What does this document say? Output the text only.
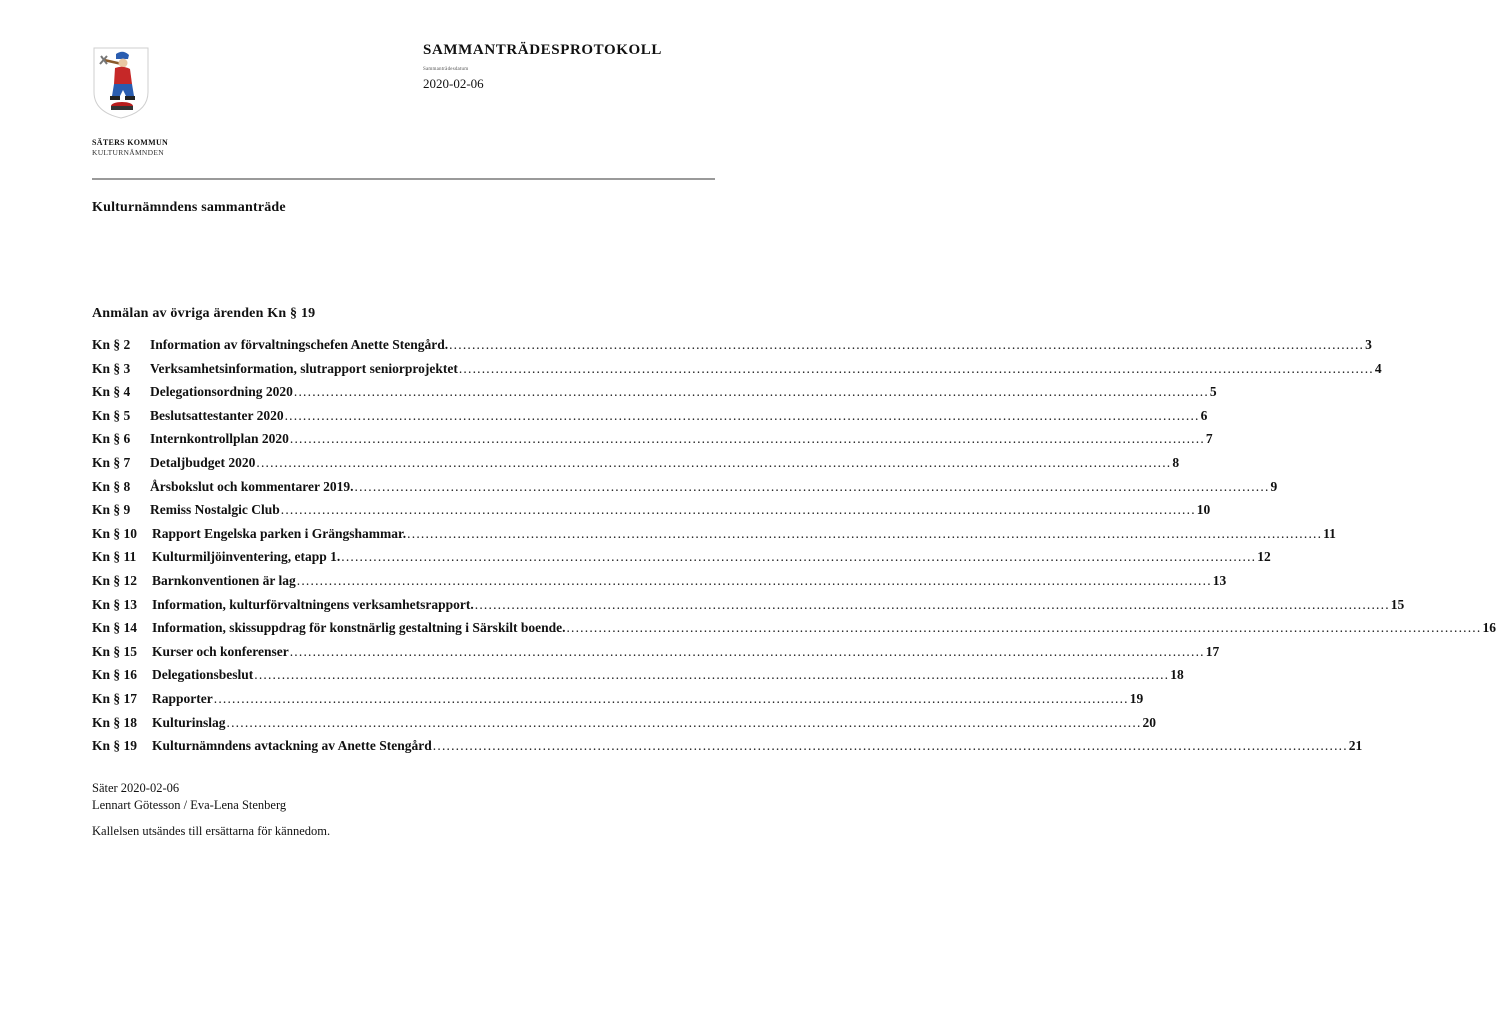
SÄTERS KOMMUN
KULTURNÄMNDEN
SAMMANTRÄDESPROTOKOLL
Sammanträdesdatum
2020-02-06
Kulturnämndens sammanträde
Anmälan av övriga ärenden Kn § 19
Kn § 2	Information av förvaltningschefen Anette Stengård. ........................................................................................................................................................................................................ 3
Kn § 3	Verksamhetsinformation, slutrapport seniorprojektet ........................................................................................................................................................................................................ 4
Kn § 4	Delegationsordning 2020 ........................................................................................................................................................................................................ 5
Kn § 5	Beslutsattestanter 2020 ........................................................................................................................................................................................................ 6
Kn § 6	Internkontrollplan 2020 ........................................................................................................................................................................................................ 7
Kn § 7	Detaljbudget 2020 ........................................................................................................................................................................................................ 8
Kn § 8	Årsbokslut och kommentarer 2019. ........................................................................................................................................................................................................ 9
Kn § 9	Remiss Nostalgic Club ........................................................................................................................................................................................................ 10
Kn § 10	Rapport Engelska parken i Grängshammar. ........................................................................................................................................................................................................ 11
Kn § 11	Kulturmiljöinventering, etapp 1. ........................................................................................................................................................................................................ 12
Kn § 12	Barnkonventionen är lag ........................................................................................................................................................................................................ 13
Kn § 13	Information, kulturförvaltningens verksamhetsrapport. ........................................................................................................................................................................................................ 15
Kn § 14	Information, skissuppdrag för konstnärlig gestaltning i Särskilt boende. ........................................................................................................................................................................................................ 16
Kn § 15	Kurser och konferenser ........................................................................................................................................................................................................ 17
Kn § 16	Delegationsbeslut ........................................................................................................................................................................................................ 18
Kn § 17	Rapporter ........................................................................................................................................................................................................ 19
Kn § 18	Kulturinslag ........................................................................................................................................................................................................ 20
Kn § 19	Kulturnämndens avtackning av Anette Stengård ........................................................................................................................................................................................................ 21
Säter 2020-02-06
Lennart Götesson / Eva-Lena Stenberg
Kallelsen utsändes till ersättarna för kännedom.
